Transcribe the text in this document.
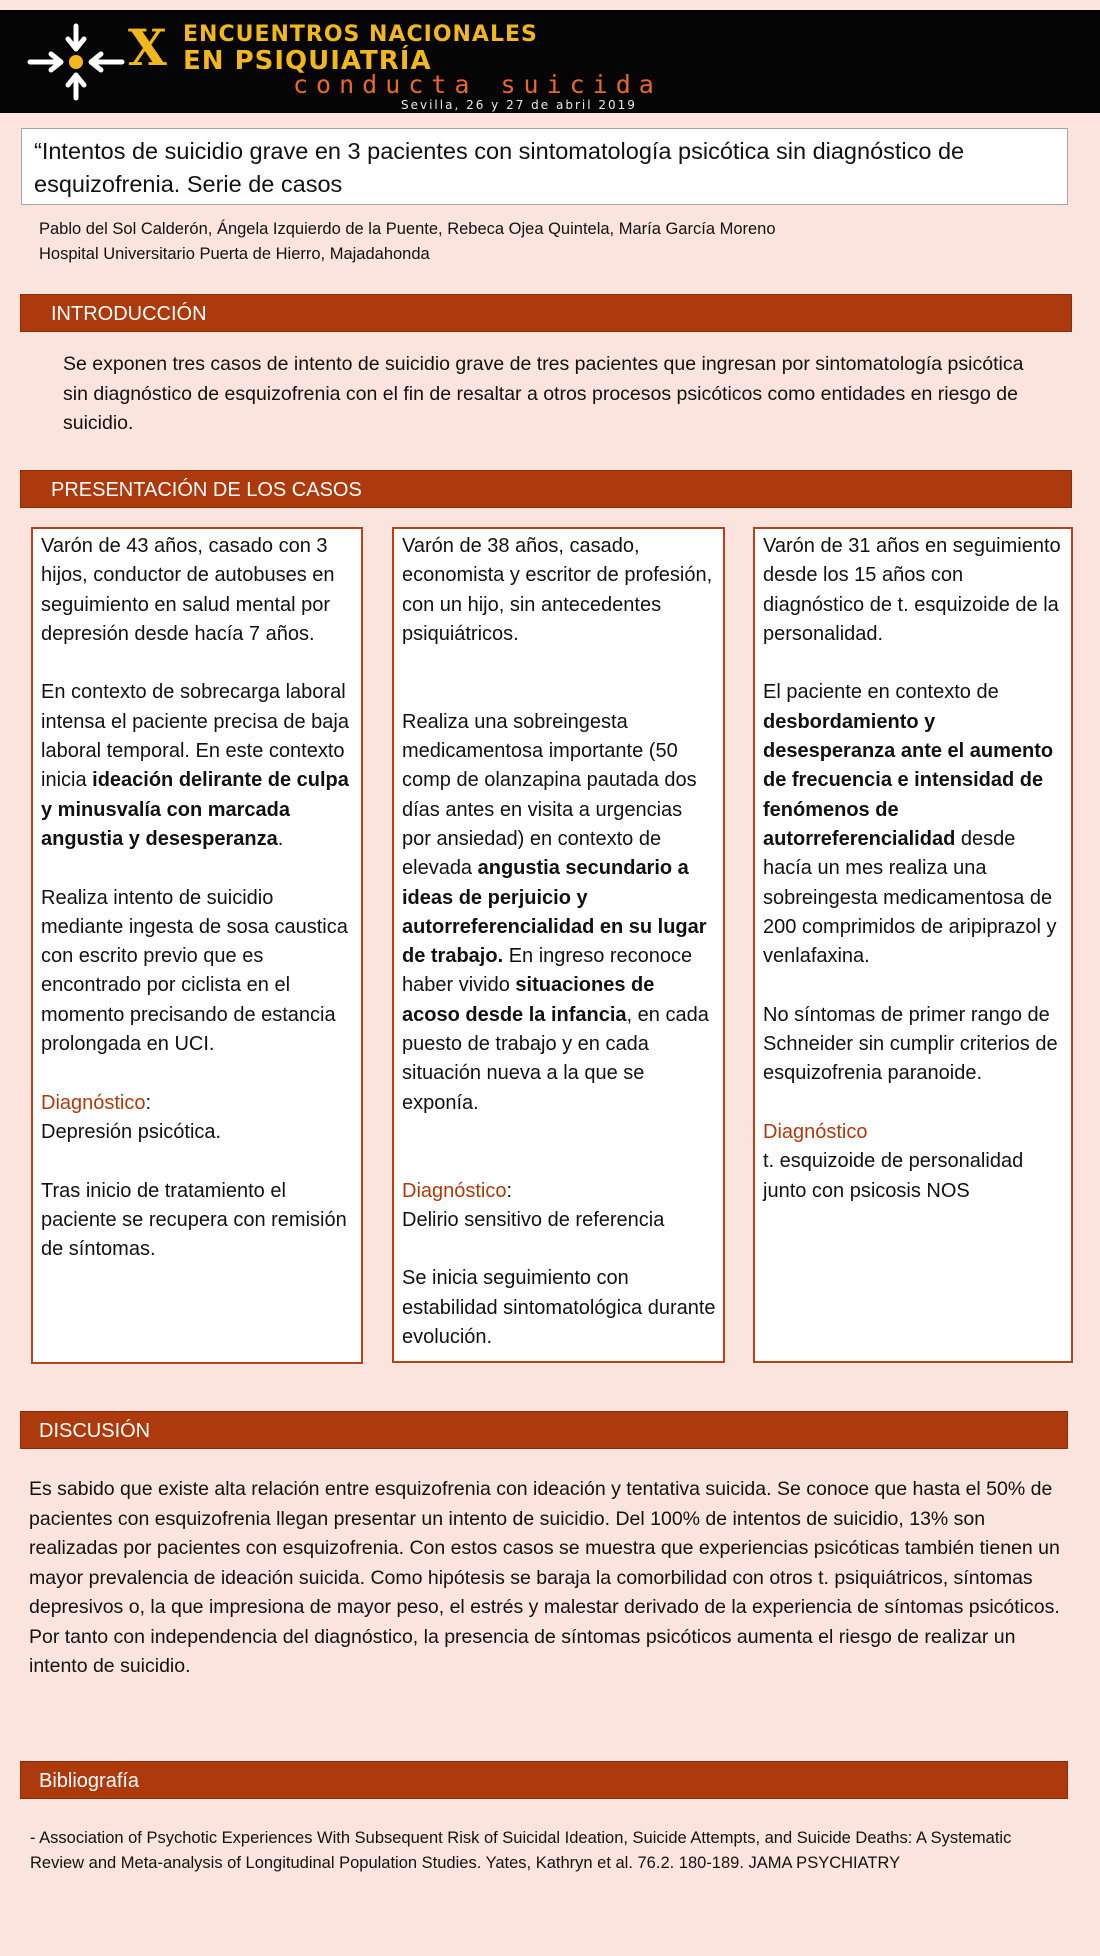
X ENCUENTROS NACIONALES
EN PSIQUIATRÍA
conducta suicida
Sevilla, 26 y 27 de abril 2019
“Intentos de suicidio grave en 3 pacientes con sintomatología psicótica sin diagnóstico de esquizofrenia. Serie de casos
Pablo del Sol Calderón, Ángela Izquierdo de la Puente, Rebeca Ojea Quintela, María García Moreno
Hospital Universitario Puerta de Hierro, Majadahonda
INTRODUCCIÓN
Se exponen tres casos de intento de suicidio grave de tres pacientes que ingresan por sintomatología psicótica sin diagnóstico de esquizofrenia con el fin de resaltar a otros procesos psicóticos como entidades en riesgo de suicidio.
PRESENTACIÓN DE LOS CASOS

Varón de 43 años, casado con 3 hijos, conductor de autobuses en seguimiento en salud mental por depresión desde hacía 7 años.

En contexto de sobrecarga laboral intensa el paciente precisa de baja laboral temporal. En este contexto inicia ideación delirante de culpa y minusvalía con marcada angustia y desesperanza.

Realiza intento de suicidio mediante ingesta de sosa caustica con escrito previo que es encontrado por ciclista en el momento precisando de estancia prolongada en UCI.

Diagnóstico:

Depresión psicótica.

Tras inicio de tratamiento el paciente se recupera con remisión de síntomas.

Varón de 38 años, casado, economista y escritor de profesión, con un hijo, sin antecedentes psiquiátricos.

Realiza una sobreingesta medicamentosa importante (50 comp de olanzapina pautada dos días antes en visita a urgencias por ansiedad) en contexto de elevada angustia secundario a ideas de perjuicio y autorreferencialidad en su lugar de trabajo. En ingreso reconoce haber vivido situaciones de acoso desde la infancia, en cada puesto de trabajo y en cada situación nueva a la que se exponía.

Diagnóstico:

Delirio sensitivo de referencia

Se inicia seguimiento con estabilidad sintomatológica durante evolución.

Varón de 31 años en seguimiento desde los 15 años con diagnóstico de t. esquizoide de la personalidad.

El paciente en contexto de desbordamiento y desesperanza ante el aumento de frecuencia e intensidad de fenómenos de autorreferencialidad desde hacía un mes realiza una sobreingesta medicamentosa de 200 comprimidos de aripiprazol y venlafaxina.

No síntomas de primer rango de Schneider sin cumplir criterios de esquizofrenia paranoide.

Diagnóstico

t. esquizoide de personalidad junto con psicosis NOS

DISCUSIÓN
Es sabido que existe alta relación entre esquizofrenia con ideación y tentativa suicida. Se conoce que hasta el 50% de pacientes con esquizofrenia llegan presentar un intento de suicidio. Del 100% de intentos de suicidio, 13% son realizadas por pacientes con esquizofrenia. Con estos casos se muestra que experiencias psicóticas también tienen un mayor prevalencia de ideación suicida. Como hipótesis se baraja la comorbilidad con otros t. psiquiátricos, síntomas depresivos o, la que impresiona de mayor peso, el estrés y malestar derivado de la experiencia de síntomas psicóticos. Por tanto con independencia del diagnóstico, la presencia de síntomas psicóticos aumenta el riesgo de realizar un intento de suicidio.
Bibliografía
- Association of Psychotic Experiences With Subsequent Risk of Suicidal Ideation, Suicide Attempts, and Suicide Deaths: A Systematic Review and Meta-analysis of Longitudinal Population Studies. Yates, Kathryn et al. 76.2. 180-189. JAMA PSYCHIATRY
